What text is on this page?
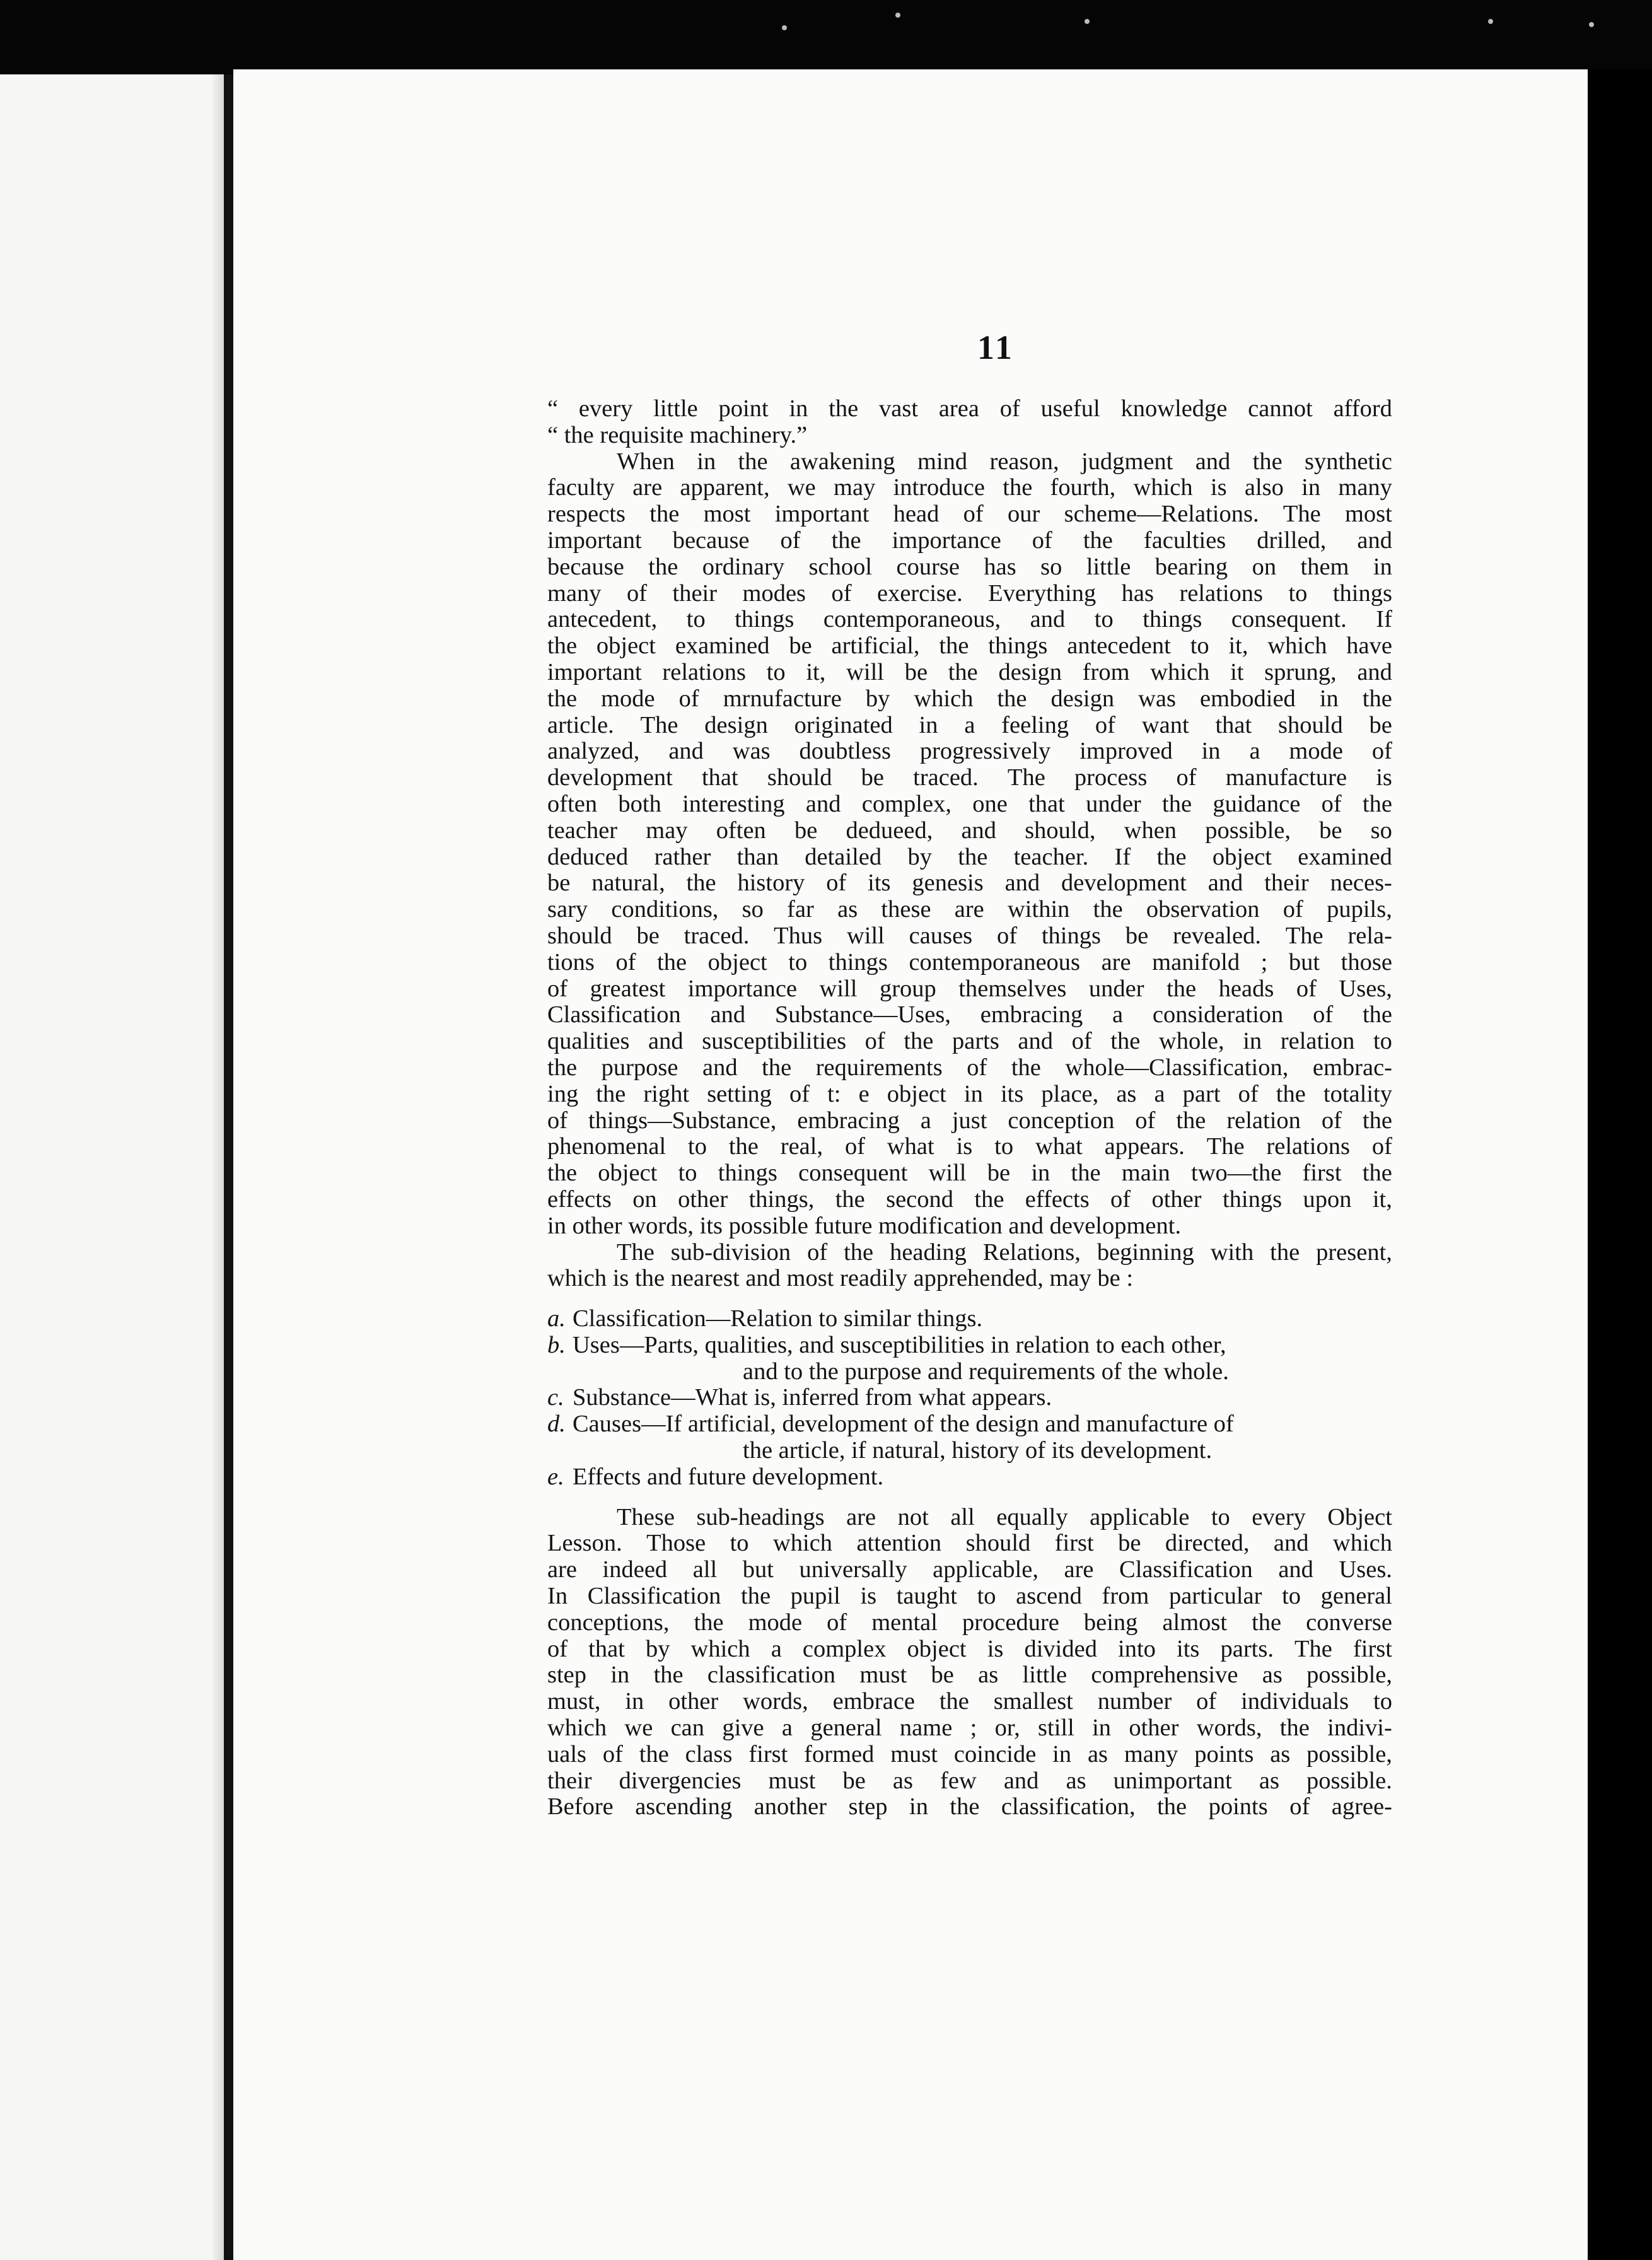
11
“ every little point in the vast area of useful knowledge cannot afford
“ the requisite machinery.”
When in the awakening mind reason, judgment and the synthetic
faculty are apparent, we may introduce the fourth, which is also in many
respects the most important head of our scheme—Relations. The most
important because of the importance of the faculties drilled, and
because the ordinary school course has so little bearing on them in
many of their modes of exercise. Everything has relations to things
antecedent, to things contemporaneous, and to things consequent. If
the object examined be artificial, the things antecedent to it, which have
important relations to it, will be the design from which it sprung, and
the mode of mrnufacture by which the design was embodied in the
article. The design originated in a feeling of want that should be
analyzed, and was doubtless progressively improved in a mode of
development that should be traced. The process of manufacture is
often both interesting and complex, one that under the guidance of the
teacher may often be dedueed, and should, when possible, be so
deduced rather than detailed by the teacher. If the object examined
be natural, the history of its genesis and development and their neces-
sary conditions, so far as these are within the observation of pupils,
should be traced. Thus will causes of things be revealed. The rela-
tions of the object to things contemporaneous are manifold ; but those
of greatest importance will group themselves under the heads of Uses,
Classification and Substance—Uses, embracing a consideration of the
qualities and susceptibilities of the parts and of the whole, in relation to
the purpose and the requirements of the whole—Classification, embrac-
ing the right setting of t: e object in its place, as a part of the totality
of things—Substance, embracing a just conception of the relation of the
phenomenal to the real, of what is to what appears. The relations of
the object to things consequent will be in the main two—the first the
effects on other things, the second the effects of other things upon it,
in other words, its possible future modification and development.
The sub-division of the heading Relations, beginning with the present,
which is the nearest and most readily apprehended, may be :
a. Classification—Relation to similar things.
b. Uses—Parts, qualities, and susceptibilities in relation to each other,
and to the purpose and requirements of the whole.
c. Substance—What is, inferred from what appears.
d. Causes—If artificial, development of the design and manufacture of
the article, if natural, history of its development.
e. Effects and future development.
These sub-headings are not all equally applicable to every Object
Lesson. Those to which attention should first be directed, and which
are indeed all but universally applicable, are Classification and Uses.
In Classification the pupil is taught to ascend from particular to general
conceptions, the mode of mental procedure being almost the converse
of that by which a complex object is divided into its parts. The first
step in the classification must be as little comprehensive as possible,
must, in other words, embrace the smallest number of individuals to
which we can give a general name ; or, still in other words, the indivi-
uals of the class first formed must coincide in as many points as possible,
their divergencies must be as few and as unimportant as possible.
Before ascending another step in the classification, the points of agree-
